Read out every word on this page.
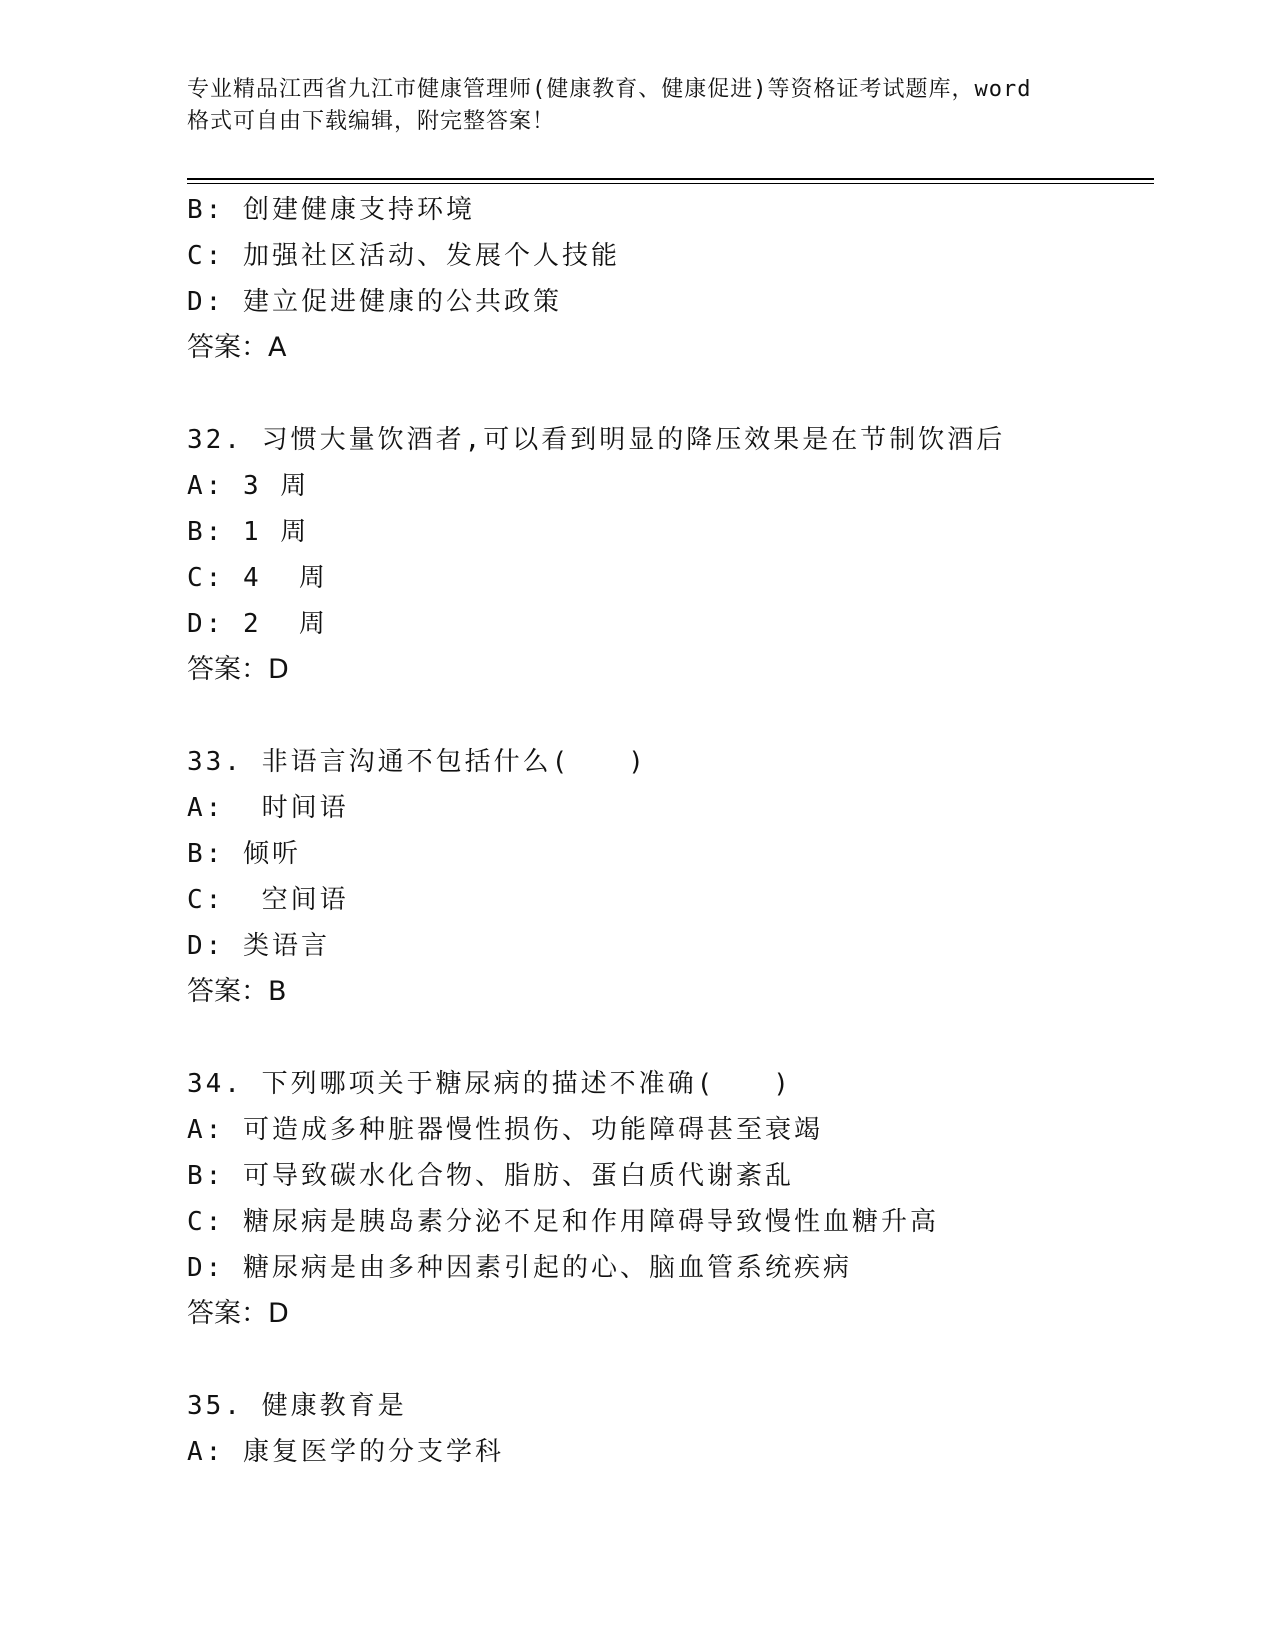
专业精品江西省九江市健康管理师(健康教育、健康促进)等资格证考试题库，word
格式可自由下载编辑，附完整答案！
B: 创建健康支持环境
C: 加强社区活动、发展个人技能
D: 建立促进健康的公共政策
答案：A
32. 习惯大量饮酒者,可以看到明显的降压效果是在节制饮酒后
A: 3 周
B: 1 周
C: 4  周
D: 2  周
答案：D
33. 非语言沟通不包括什么(　　)
A:  时间语
B: 倾听
C:  空间语
D: 类语言
答案：B
34. 下列哪项关于糖尿病的描述不准确(　　)
A: 可造成多种脏器慢性损伤、功能障碍甚至衰竭
B: 可导致碳水化合物、脂肪、蛋白质代谢紊乱
C: 糖尿病是胰岛素分泌不足和作用障碍导致慢性血糖升高
D: 糖尿病是由多种因素引起的心、脑血管系统疾病
答案：D
35. 健康教育是
A: 康复医学的分支学科
